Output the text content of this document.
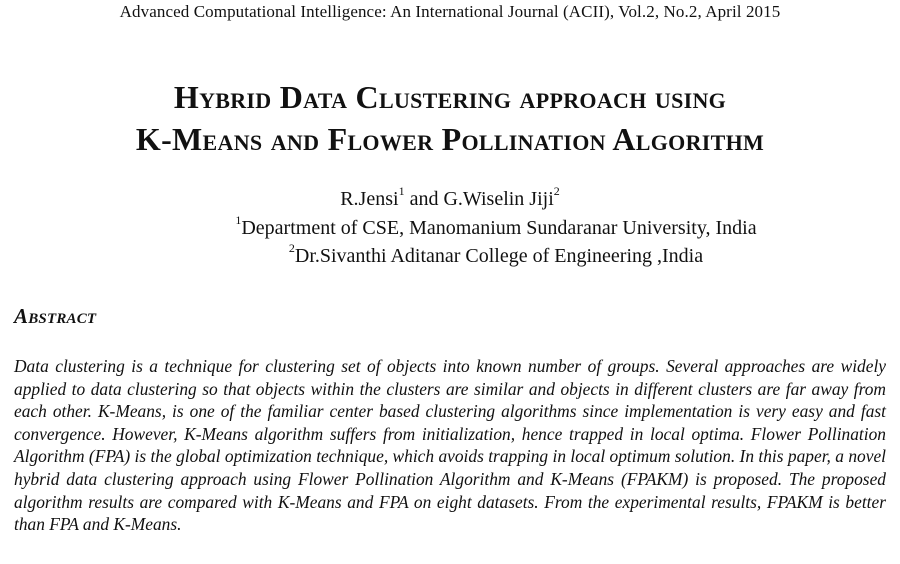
Advanced Computational Intelligence: An International Journal (ACII), Vol.2, No.2, April 2015
Hybrid Data Clustering approach using
K-Means and Flower Pollination Algorithm
R.Jensi$^1$ and G.Wiselin Jiji$^2$
$^1$Department of CSE, Manomanium Sundaranar University, India
$^2$Dr.Sivanthi Aditanar College of Engineering ,India
Abstract
Data clustering is a technique for clustering set of objects into known number of groups. Several approaches are widely applied to data clustering so that objects within the clusters are similar and objects in different clusters are far away from each other. K-Means, is one of the familiar center based clustering algorithms since implementation is very easy and fast convergence. However, K-Means algorithm suffers from initialization, hence trapped in local optima. Flower Pollination Algorithm (FPA) is the global optimization technique, which avoids trapping in local optimum solution. In this paper, a novel hybrid data clustering approach using Flower Pollination Algorithm and K-Means (FPAKM) is proposed. The proposed algorithm results are compared with K-Means and FPA on eight datasets. From the experimental results, FPAKM is better than FPA and K-Means.
